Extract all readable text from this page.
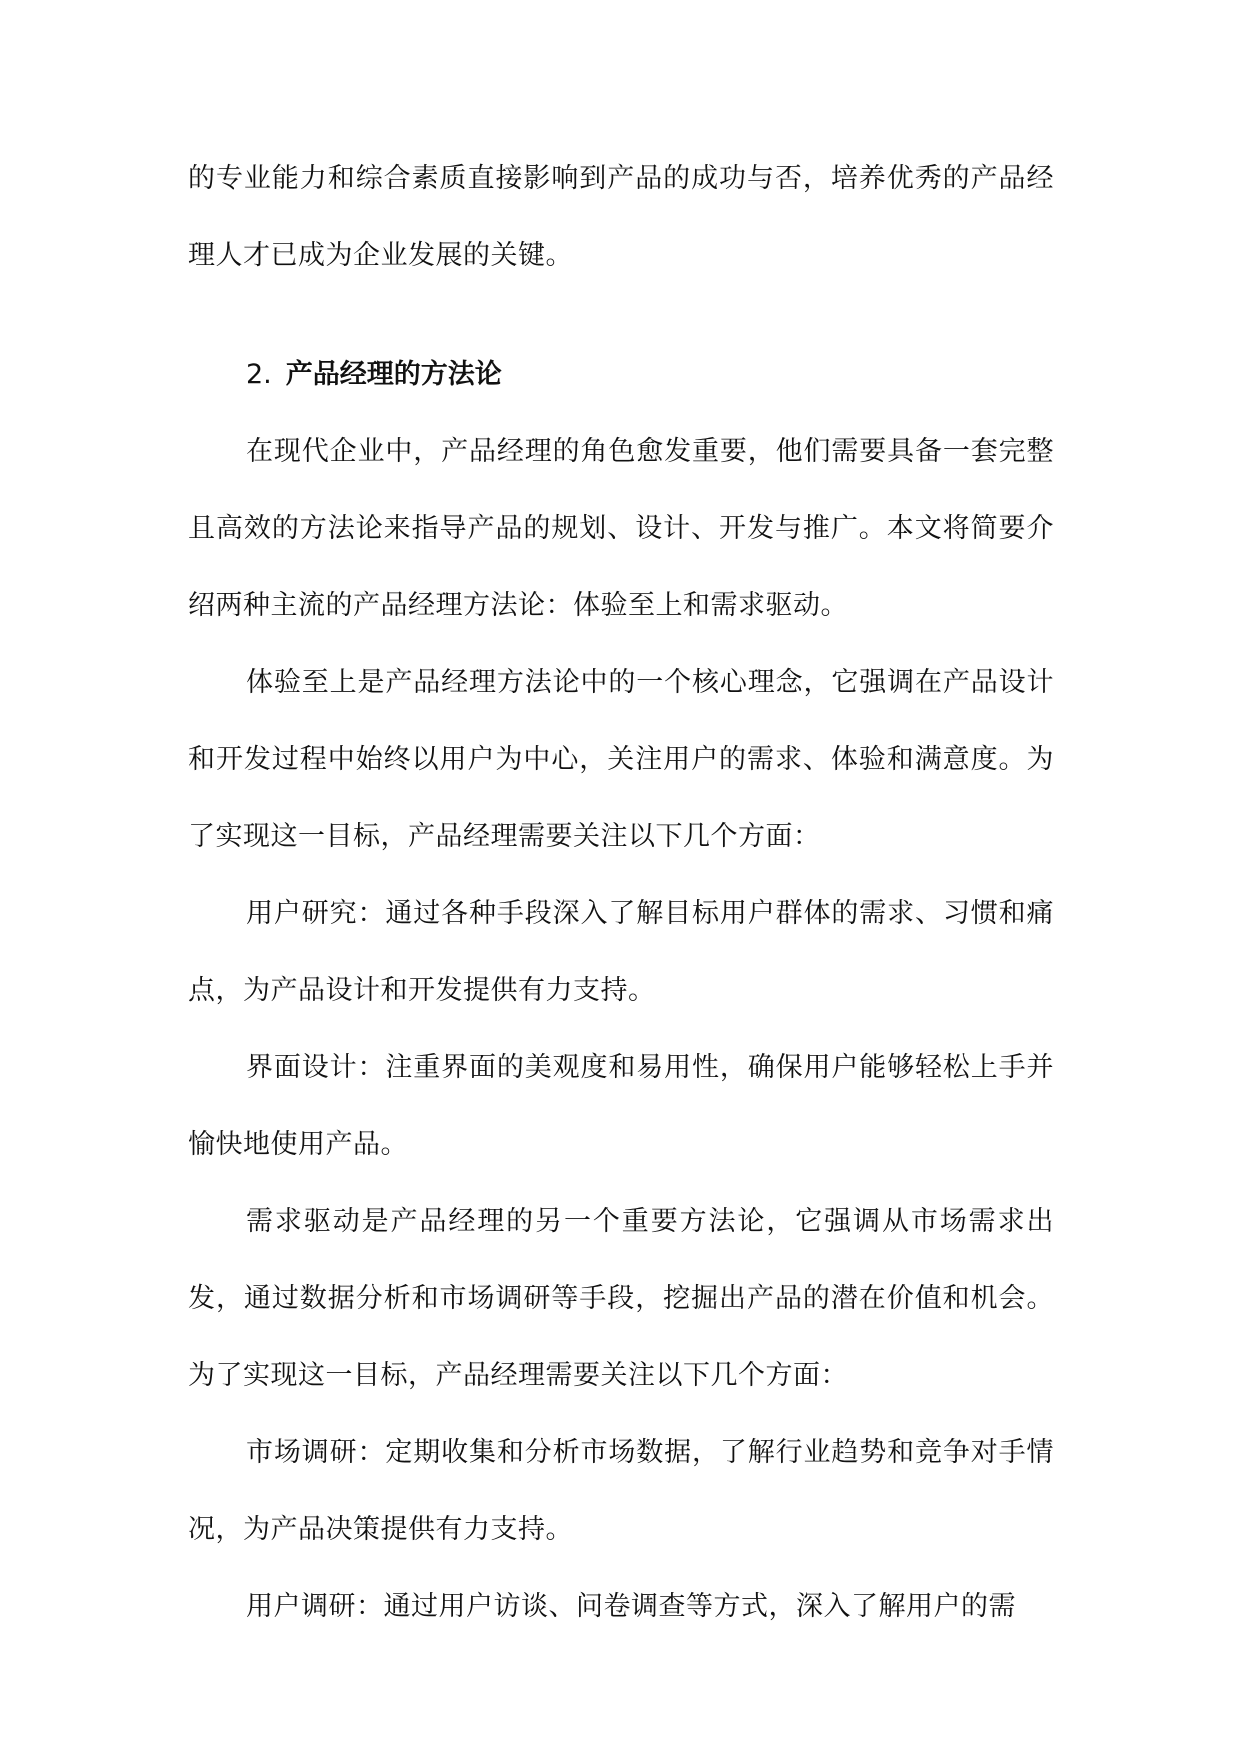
的专业能力和综合素质直接影响到产品的成功与否，培养优秀的产品经理人才已成为企业发展的关键。

2. 产品经理的方法论

在现代企业中，产品经理的角色愈发重要，他们需要具备一套完整且高效的方法论来指导产品的规划、设计、开发与推广。本文将简要介绍两种主流的产品经理方法论：体验至上和需求驱动。

体验至上是产品经理方法论中的一个核心理念，它强调在产品设计和开发过程中始终以用户为中心，关注用户的需求、体验和满意度。为了实现这一目标，产品经理需要关注以下几个方面：

用户研究：通过各种手段深入了解目标用户群体的需求、习惯和痛点，为产品设计和开发提供有力支持。

界面设计：注重界面的美观度和易用性，确保用户能够轻松上手并愉快地使用产品。

需求驱动是产品经理的另一个重要方法论，它强调从市场需求出发，通过数据分析和市场调研等手段，挖掘出产品的潜在价值和机会。为了实现这一目标，产品经理需要关注以下几个方面：

市场调研：定期收集和分析市场数据，了解行业趋势和竞争对手情况，为产品决策提供有力支持。

用户调研：通过用户访谈、问卷调查等方式，深入了解用户的需
